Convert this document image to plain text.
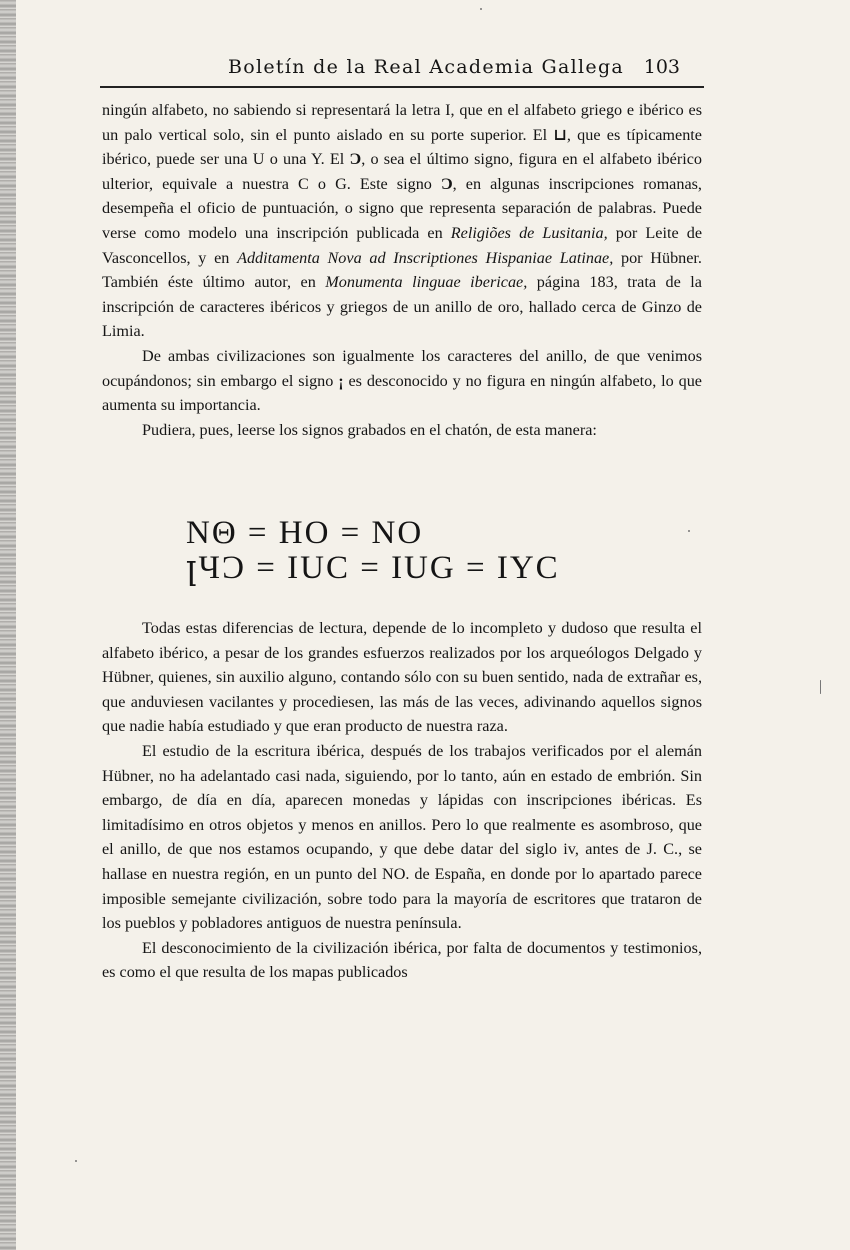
Boletín de la Real Academia Gallega 103

ningún alfabeto, no sabiendo si representará la letra I, que en el alfabeto griego e ibérico es un palo vertical solo, sin el punto aislado en su porte superior. El ⊔, que es típicamente ibérico, puede ser una U o una Y. El Ɔ, o sea el último signo, figura en el alfabeto ibérico ulterior, equivale a nuestra C o G. Este signo Ɔ, en algunas inscripciones romanas, desempeña el oficio de puntuación, o signo que representa separación de palabras. Puede verse como modelo una inscripción publicada en Religiões de Lusitania, por Leite de Vasconcellos, y en Additamenta Nova ad Inscriptiones Hispaniae Latinae, por Hübner. También éste último autor, en Monumenta linguae ibericae, página 183, trata de la inscripción de caracteres ibéricos y griegos de un anillo de oro, hallado cerca de Ginzo de Limia.

De ambas civilizaciones son igualmente los caracteres del anillo, de que venimos ocupándonos; sin embargo el signo ¡ es desconocido y no figura en ningún alfabeto, lo que aumenta su importancia.

Pudiera, pues, leerse los signos grabados en el chatón, de esta manera:

NΘ = HO = NO
ꞁЧƆ = IUC = IUG = IYC

Todas estas diferencias de lectura, depende de lo incompleto y dudoso que resulta el alfabeto ibérico, a pesar de los grandes esfuerzos realizados por los arqueólogos Delgado y Hübner, quienes, sin auxilio alguno, contando sólo con su buen sentido, nada de extrañar es, que anduviesen vacilantes y procediesen, las más de las veces, adivinando aquellos signos que nadie había estudiado y que eran producto de nuestra raza.

El estudio de la escritura ibérica, después de los trabajos verificados por el alemán Hübner, no ha adelantado casi nada, siguiendo, por lo tanto, aún en estado de embrión. Sin embargo, de día en día, aparecen monedas y lápidas con inscripciones ibéricas. Es limitadísimo en otros objetos y menos en anillos. Pero lo que realmente es asombroso, que el anillo, de que nos estamos ocupando, y que debe datar del siglo iv, antes de J. C., se hallase en nuestra región, en un punto del NO. de España, en donde por lo apartado parece imposible semejante civilización, sobre todo para la mayoría de escritores que trataron de los pueblos y pobladores antiguos de nuestra península.

El desconocimiento de la civilización ibérica, por falta de documentos y testimonios, es como el que resulta de los mapas publicados
